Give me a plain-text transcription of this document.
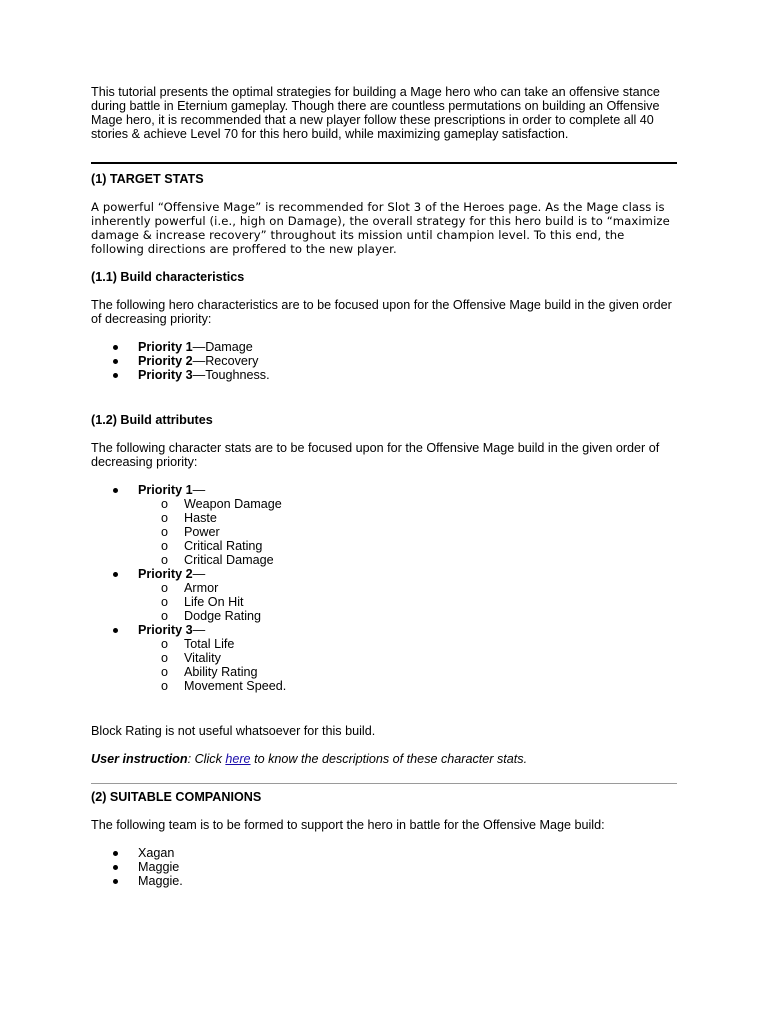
This tutorial presents the optimal strategies for building a Mage hero who can take an offensive stance during battle in Eternium gameplay. Though there are countless permutations on building an Offensive Mage hero, it is recommended that a new player follow these prescriptions in order to complete all 40 stories & achieve Level 70 for this hero build, while maximizing gameplay satisfaction.

(1) TARGET STATS

A powerful “Offensive Mage” is recommended for Slot 3 of the Heroes page. As the Mage class is inherently powerful (i.e., high on Damage), the overall strategy for this hero build is to “maximize damage & increase recovery” throughout its mission until champion level. To this end, the following directions are proffered to the new player.

(1.1) Build characteristics

The following hero characteristics are to be focused upon for the Offensive Mage build in the given order of decreasing priority:

Priority 1—Damage
Priority 2—Recovery
Priority 3—Toughness.

(1.2) Build attributes

The following character stats are to be focused upon for the Offensive Mage build in the given order of decreasing priority:

Priority 1—
o Weapon Damage
o Haste
o Power
o Critical Rating
o Critical Damage
Priority 2—
o Armor
o Life On Hit
o Dodge Rating
Priority 3—
o Total Life
o Vitality
o Ability Rating
o Movement Speed.

Block Rating is not useful whatsoever for this build.

User instruction: Click here to know the descriptions of these character stats.

(2) SUITABLE COMPANIONS

The following team is to be formed to support the hero in battle for the Offensive Mage build:

Xagan
Maggie
Maggie.
